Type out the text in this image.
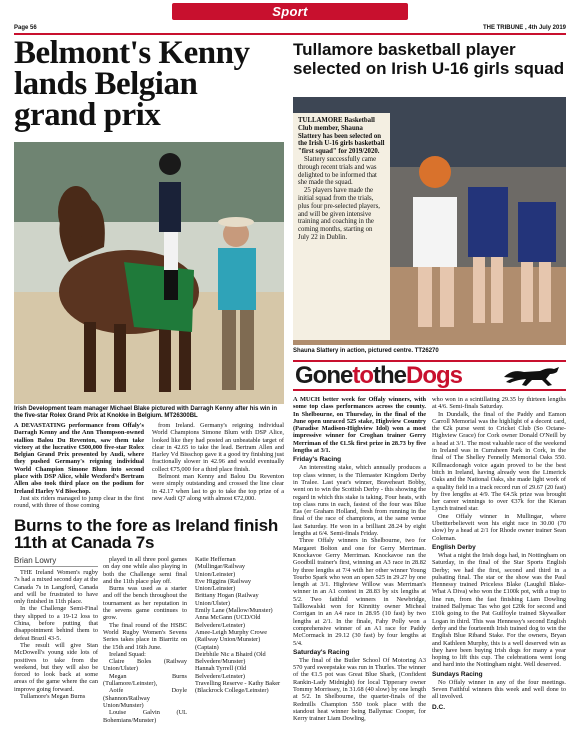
Sport
Page 56	THE TRIBUNE , 4th July 2019
Belmont's Kenny lands Belgian grand prix
Irish Development team manager Michael Blake pictured with Darragh Kenny after his win in the five-star Rolex Grand Prix at Knokke in Belgium. MT26300BL

A DEVASTATING performance from Offaly's Darragh Kenny and the Ann Thompson-owned stallion Balou Du Reventon, saw them take victory at the lucrative €500,000 five-star Rolex Belgian Grand Prix presented by Audi, where they pushed Germany's reigning individual World Champion Simone Blum into second place with DSP Alice, while Wexford's Bertram Allen also took third place on the podium for Ireland Harley Vd Bisschop.

Just six riders managed to jump clear in the first round, with three of those coming

from Ireland. Germany's reigning individual World Champions Simone Blum with DSP Alice, looked like they had posted an unbeatable target of clear in 42.65 to take the lead. Bertram Allen and Harley Vd Bisschop gave it a good try finishing just fractionally slower in 42.96 and would eventually collect €75,000 for a third place finish.

Belmont man Kenny and Balou Du Reventon were simply outstanding and crossed the line clear in 42.17 when last to go to take the top prize of a new Audi Q7 along with almost €72,000.

Burns to the fore as Ireland finish 11th at Canada 7s
Brian Lowry

THE Ireland Women's rugby 7s had a mixed second day at the Canada 7s in Langford, Canada and will be frustrated to have only finished in 11th place.

In the Challenge Semi-Final they slipped to a 19-12 loss to China, before putting that disappointment behind them to defeat Brazil 43-5.

The result will give Stan McDowell's young side lots of positives to take from the weekend, but they will also be forced to look back at some areas of the game where the can improve going forward.

Tullamore's Megan Burns

played in all three pool games on day one while also playing in both the Challenge semi final and the 11th place play off.

Burns was used as a starter and off the bench throughout the tournament as her reputation in the sevens game continues to grow.

The final round of the HSBC World Rugby Women's Sevens Series takes place in Biarritz on the 15th and 16th June.

Ireland Squad:

Claire Boles (Railway Union/Ulster)

Megan Burns (Tullamore/Leinster),

Aoife Doyle (Shannon/Railway Union/Munster)

Louise Galvin (UL Bohemians/Munster)

Katie Heffernan (Mullingar/Railway Union/Leinster)

Eve Higgins (Railway Union/Leinster)

Brittany Hogan (Railway Union/Ulster)

Emily Lane (Mallow/Munster)

Anna McGann (UCD/Old Belvedere/Leinster)

Amee-Leigh Murphy Crowe (Railway Union/Munster) (Captain)

Deirbhile Nic a Bhaird (Old Belvedere/Munster)

Hannah Tyrrell (Old Belvedere/Leinster)

Travelling Reserve - Kathy Baker (Blackrock College/Leinster)

Tullamore basketball player selected on Irish U-16 girls squad

TULLAMORE Basketball Club member, Shauna Slattery has been selected on the Irish U-16 girls basketball "first squad" for 2019/2020.

Slattery successfully came through recent trials and was delighted to be informed that she made the squad.

25 players have made the initial squad from the trials, plus four pre-selected players, and will be given intensive training and coaching in the coming months, starting on July 22 in Dublin.

Shauna Slattery in action, pictured centre. TT26270
GonetotheDogs

A MUCH better week for Offaly winners, with some top class performances across the county. In Shelbourne, on Thursday, in the final of the June open unraced 525 stake, Highview Country (Paradise Madison-Highview Idol) won a most impressive winner for Croghan trainer Gerry Merriman of the €1.5k first prize in 28.73 by five lengths at 3/1.

Friday's Racing

An interesting stake, which annually produces a top class winner, is the Tilemaster Kingdom Derby in Tralee. Last year's winner, Braveheart Bobby, went on to win the Scottish Derby - this showing the regard in which this stake is taking. Four heats, with top class runs in each, fastest of the four was Blue Eas (er Graham Holland, fresh from running in the final of the race of champions, at the same venue last Saturday. He won in a brilliant 28.24 by eight lengths at 6/4. Semi-finals Friday.

Three Offaly winners in Shelbourne, two for Margaret Bolton and one for Gerry Merriman. Knockavoe Gerry Merriman. Knockavoe ran the Goodbill trainer's first, winning an A3 race in 28.82 by three lengths at 7/4 with her other winner Young Tourbo Spark who won an open 525 in 29.27 by one length at 3/1. Highview Willow was Merriman's winner in an A1 contest in 28.83 by six lengths at 5/2. Two faithful winners in Newbridge, Tallkowalski won for Kinnitty owner Micheal Corrigan in an A4 race in 28.95 (10 fast) by two lengths at 2/1. In the finale, Fahy Polly won a comprehensive winner of an A1 race for Paddy McCormack in 29.12 (30 fast) by four lengths at 5/4.

Saturday's Racing

The final of the Butler School Of Motoring A3 570 yard sweepstake was run in Thurles. The winner of the €1.5 pot was Great Blue Shark, (Confident Rankin-Lady Midnight) for local Tipperary owner Tommy Morrissey, in 31.68 (40 slow) by one length at 5/2. In Shelbourne, the quarter-finals of the Redmills Champion 550 took place with the standout heat winner being Ballymac Cooper, for Kerry trainer Liam Dowling,

who won in a scintillating 29.35 by thirteen lengths at 4/6. Semi-finals Saturday.

In Dundalk, the final of the Paddy and Eamon Carroll Memorial was the highlight of a decent card, the €2k purse went to Cricket Club (So Octane-Highview Grace) for Cork owner Donald O'Neill by a head at 3/1. The most valuable race of the weekend in Ireland was in Curraheen Park in Cork, in the final of The Shelley Fennelly Memorial Oaks 550. Killmacdonagh voice again proved to be the best bitch in Ireland, having already won the Limerick Oaks and the National Oaks, she made light work of a quality field in a track record run of 29.67 (20 fast) by five lengths at 4/9. The €4.5k prize was brought her career winnings to over €37k for the Kieran Lynch trained star.

One Offaly winner in Mullingar, where Ubettterbelieveit won his eight race in 30.00 (70 slow) by a head at 2/1 for Rhode owner trainer Sean Coleman.

English Derby

What a night the Irish dogs had, in Nottingham on Saturday, in the final of the Star Sports English Derby; we had the first, second and third in a pulsating final. The star or the show was the Paul Hennessy trained Priceless Blake (Laughil Blake-What A Diva) who won the £100k pot, with a trap to line run, from the fast finishing Liam Dowling trained Ballymac Tas who got £20k for second and £10k going to the Pat Guilfoyle trained Skywalker Logan in third. This was Hennessy's second English derby and the fourteenth Irish trained dog to win the English Blue Riband Stake. For the owners, Bryan and Kathleen Murphy, this is a well deserved win as they have been buying Irish dogs for many a year hoping to lift this cup. The celebrations went long and hard into the Nottingham night. Well deserved.

Sundays Racing

No Offaly winner in any of the four meetings. Seven Faithful winners this week and well done to all involved.

D.C.
